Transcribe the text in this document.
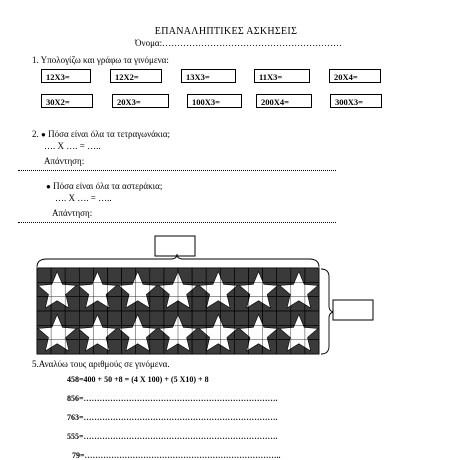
ΕΠΑΝΑΛΗΠΤΙΚΕΣ ΑΣΚΗΣΕΙΣ
Όνομα:……………………………………………………
1. Υπολογίζω και γράφω τα γινόμενα:
12Χ3=	12Χ2=	13Χ3=	11Χ3=	20Χ4=
30Χ2=	20Χ3=	100Χ3=	200Χ4=	300Χ3=
2. ● Πόσα είναι όλα τα τετραγωνάκια;
…. Χ …. = …..
Απάντηση:
● Πόσα είναι όλα τα αστεράκια;
…. Χ …. = …..
Απάντηση:
5.Αναλύω τους αριθμούς σε γινόμενα.
458=400 + 50 +8 = (4 Χ 100) + (5 Χ10) + 8
856=……………………………………………………………….
763=……………………………………………………………….
555=……………………………………………………………….
79=………………………………………………………………..
